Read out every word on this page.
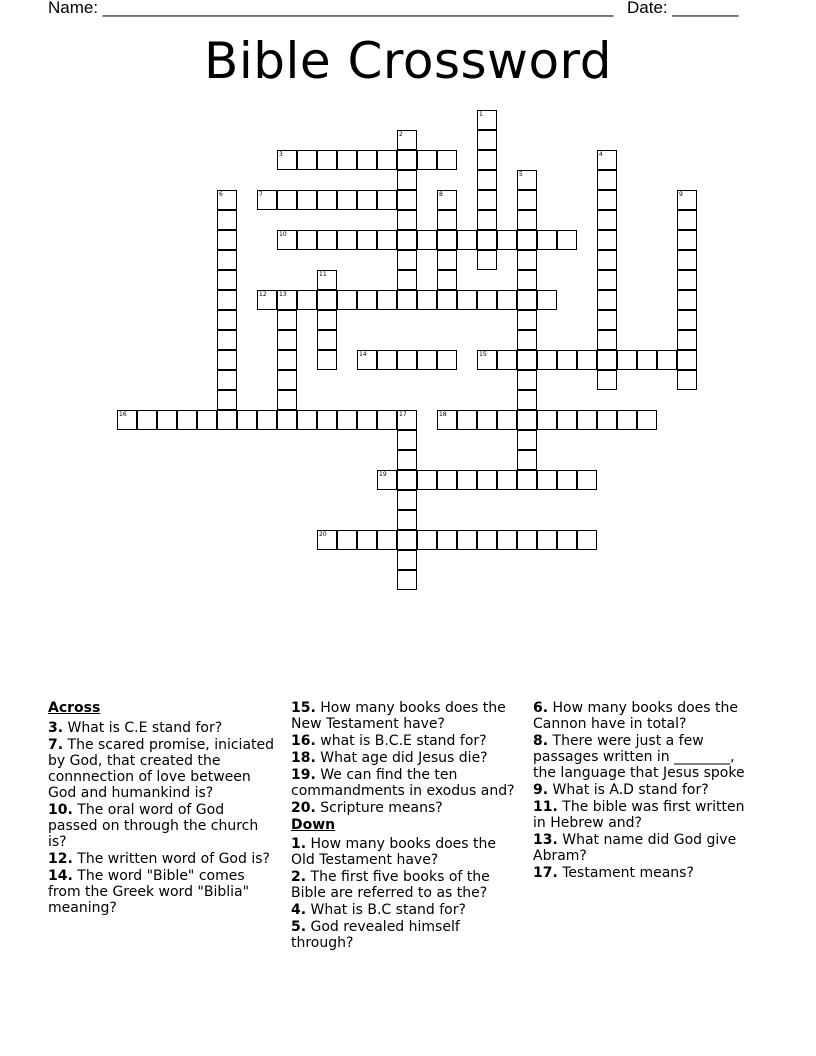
Name: ______________________________________________________ Date: _______
Bible Crossword
3
7
10
12 13
14	15
16	17	18
19
20
1
2
4
5
6	8	9
11
Across
3. What is C.E stand for?
7. The scared promise, iniciated by God, that created the connnection of love between God and humankind is?
10. The oral word of God passed on through the church is?
12. The written word of God is?
14. The word "Bible" comes from the Greek word "Biblia" meaning?
15. How many books does the New Testament have?
16. what is B.C.E stand for?
18. What age did Jesus die?
19. We can find the ten commandments in exodus and?
20. Scripture means?
Down
1. How many books does the Old Testament have?
2. The first five books of the Bible are referred to as the?
4. What is B.C stand for?
5. God revealed himself through?
6. How many books does the Cannon have in total?
8. There were just a few passages written in ________, the language that Jesus spoke
9. What is A.D stand for?
11. The bible was first written in Hebrew and?
13. What name did God give Abram?
17. Testament means?
